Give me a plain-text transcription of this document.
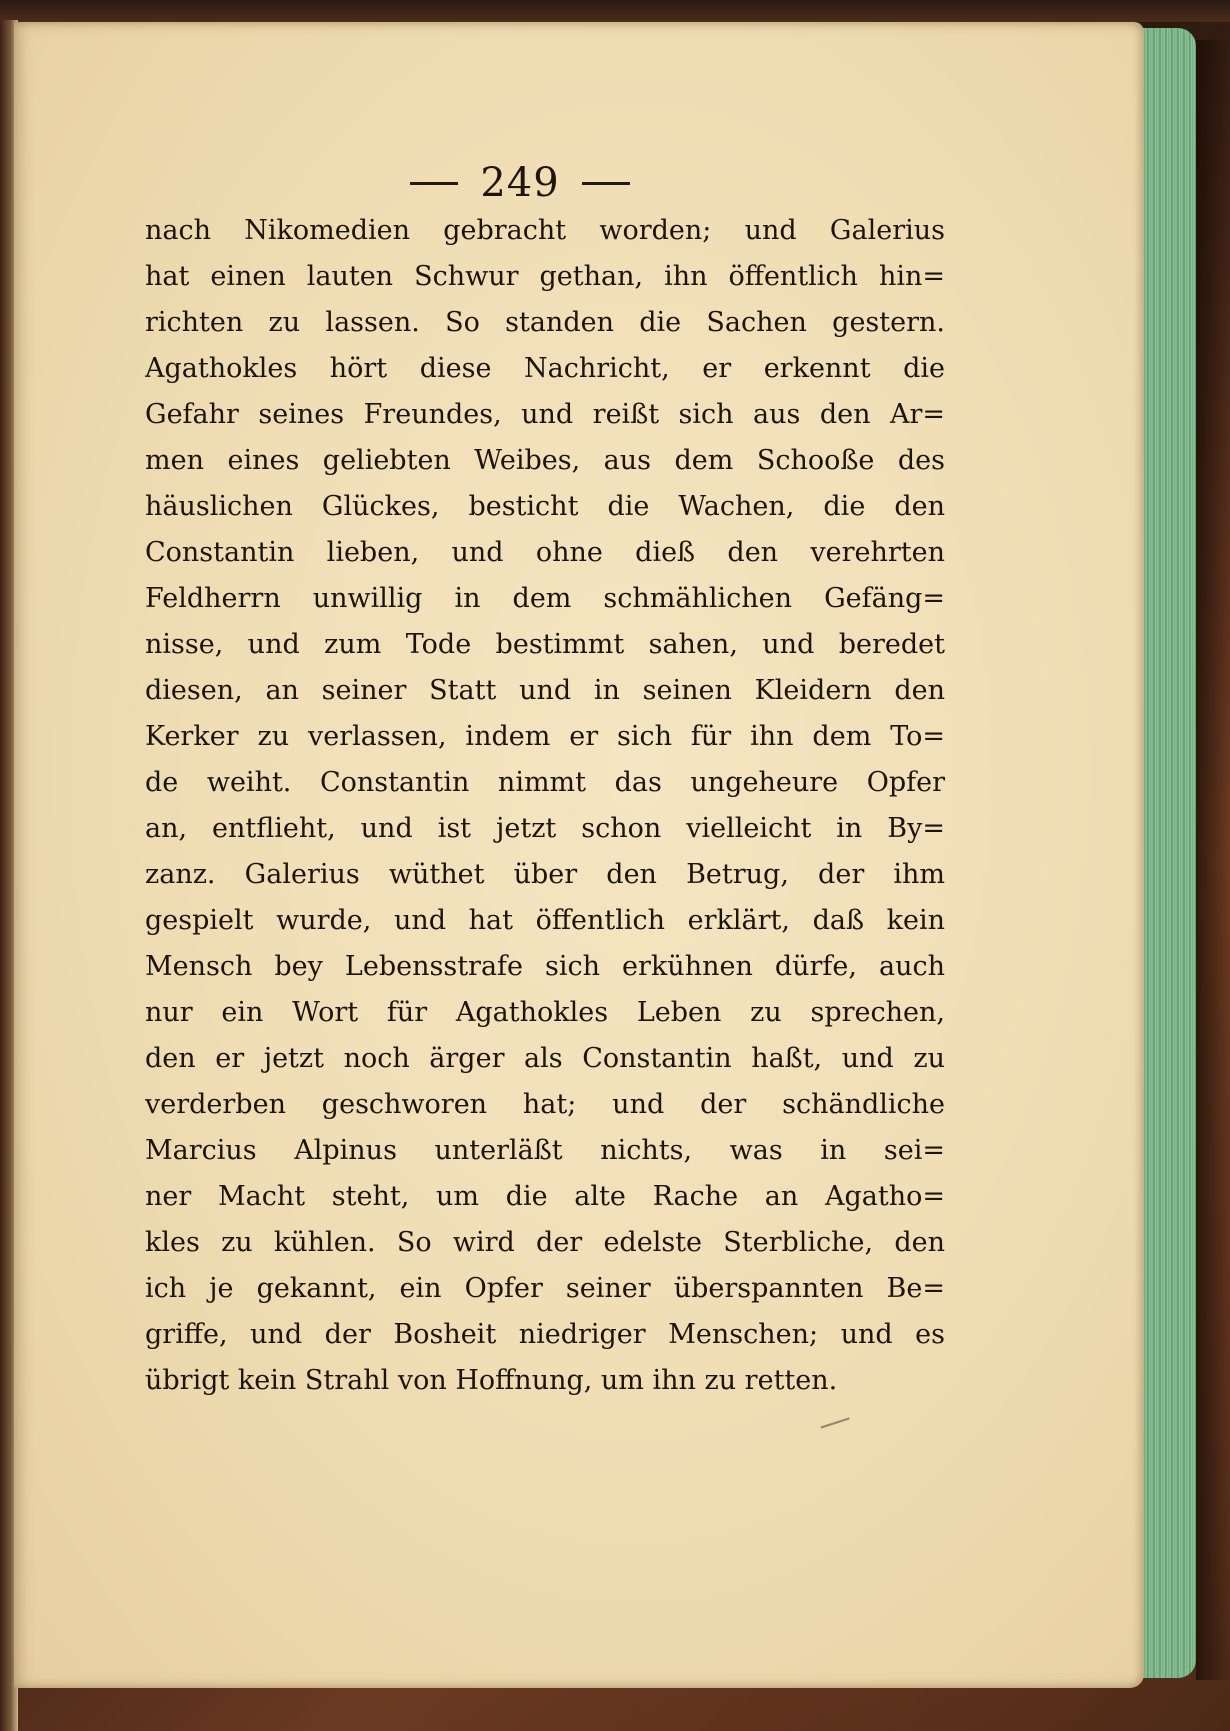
249
nach Nikomedien gebracht worden; und Galerius
hat einen lauten Schwur gethan, ihn öffentlich hin=
richten zu lassen. So standen die Sachen gestern.
Agathokles hört diese Nachricht, er erkennt die
Gefahr seines Freundes, und reißt sich aus den Ar=
men eines geliebten Weibes, aus dem Schooße des
häuslichen Glückes, besticht die Wachen, die den
Constantin lieben, und ohne dieß den verehrten
Feldherrn unwillig in dem schmählichen Gefäng=
nisse, und zum Tode bestimmt sahen, und beredet
diesen, an seiner Statt und in seinen Kleidern den
Kerker zu verlassen, indem er sich für ihn dem To=
de weiht. Constantin nimmt das ungeheure Opfer
an, entflieht, und ist jetzt schon vielleicht in By=
zanz. Galerius wüthet über den Betrug, der ihm
gespielt wurde, und hat öffentlich erklärt, daß kein
Mensch bey Lebensstrafe sich erkühnen dürfe, auch
nur ein Wort für Agathokles Leben zu sprechen,
den er jetzt noch ärger als Constantin haßt, und zu
verderben geschworen hat; und der schändliche
Marcius Alpinus unterläßt nichts, was in sei=
ner Macht steht, um die alte Rache an Agatho=
kles zu kühlen. So wird der edelste Sterbliche, den
ich je gekannt, ein Opfer seiner überspannten Be=
griffe, und der Bosheit niedriger Menschen; und es
übrigt kein Strahl von Hoffnung, um ihn zu retten.
